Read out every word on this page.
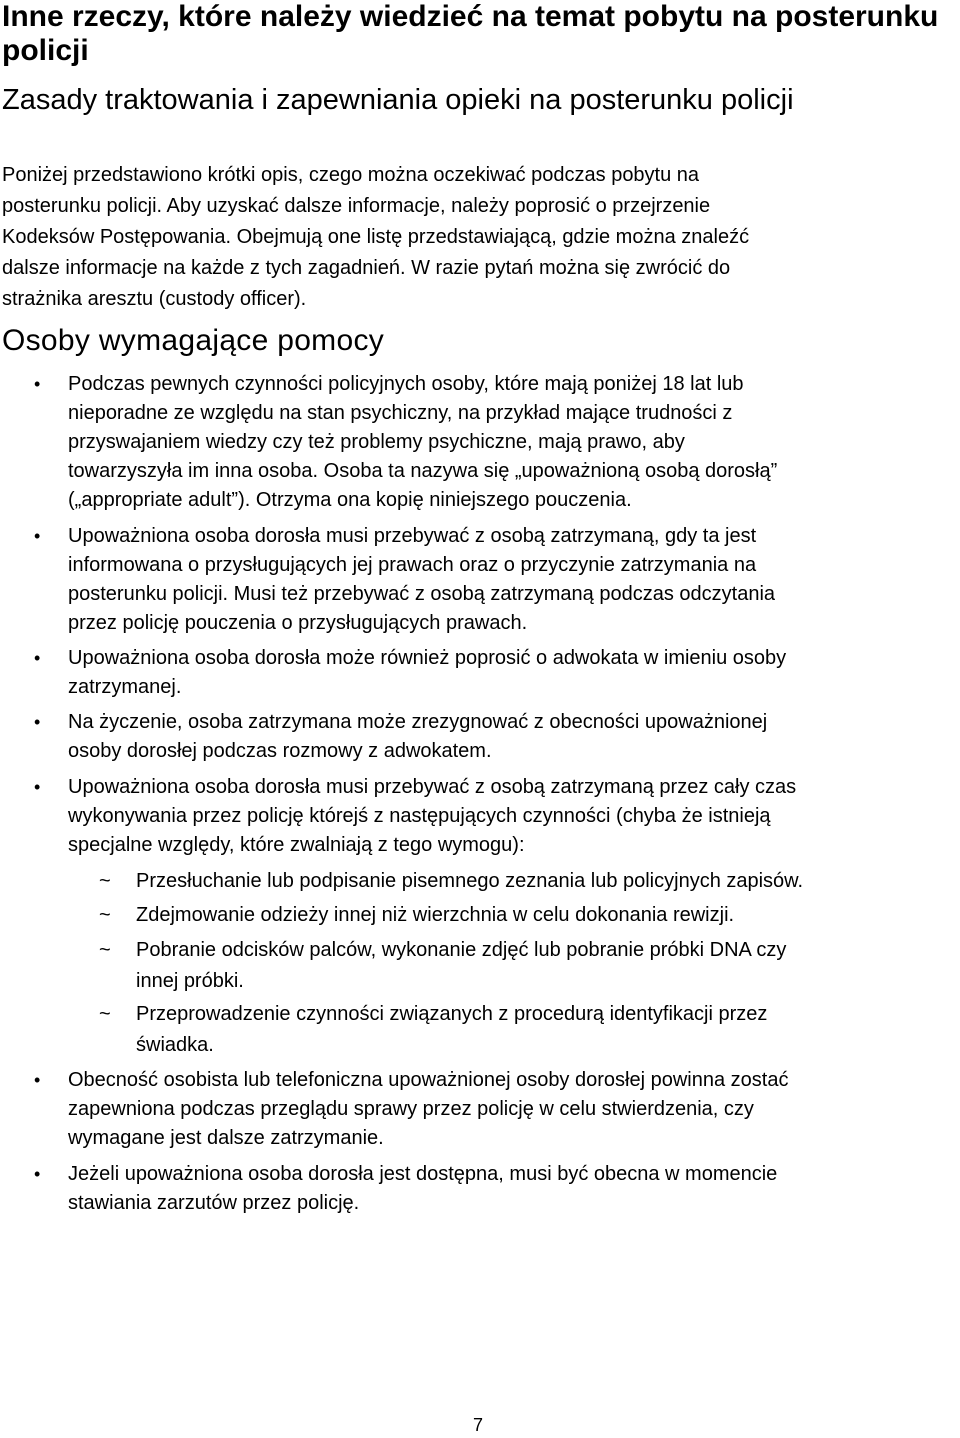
Inne rzeczy, które należy wiedzieć na temat pobytu na posterunku policji
Zasady traktowania i zapewniania opieki na posterunku policji

Poniżej przedstawiono krótki opis, czego można oczekiwać podczas pobytu na
posterunku policji. Aby uzyskać dalsze informacje, należy poprosić o przejrzenie
Kodeksów Postępowania. Obejmują one listę przedstawiającą, gdzie można znaleźć
dalsze informacje na każde z tych zagadnień. W razie pytań można się zwrócić do
strażnika aresztu (custody officer).

Osoby wymagające pomocy
• Podczas pewnych czynności policyjnych osoby, które mają poniżej 18 lat lub
nieporadne ze względu na stan psychiczny, na przykład mające trudności z
przyswajaniem wiedzy czy też problemy psychiczne, mają prawo, aby
towarzyszyła im inna osoba. Osoba ta nazywa się „upoważnioną osobą dorosłą”
(„appropriate adult”). Otrzyma ona kopię niniejszego pouczenia.

• Upoważniona osoba dorosła musi przebywać z osobą zatrzymaną, gdy ta jest
informowana o przysługujących jej prawach oraz o przyczynie zatrzymania na
posterunku policji. Musi też przebywać z osobą zatrzymaną podczas odczytania
przez policję pouczenia o przysługujących prawach.

• Upoważniona osoba dorosła może również poprosić o adwokata w imieniu osoby
zatrzymanej.

• Na życzenie, osoba zatrzymana może zrezygnować z obecności upoważnionej
osoby dorosłej podczas rozmowy z adwokatem.

• Upoważniona osoba dorosła musi przebywać z osobą zatrzymaną przez cały czas
wykonywania przez policję którejś z następujących czynności (chyba że istnieją
specjalne względy, które zwalniają z tego wymogu):

~ Przesłuchanie lub podpisanie pisemnego zeznania lub policyjnych zapisów.

~ Zdejmowanie odzieży innej niż wierzchnia w celu dokonania rewizji.

~ Pobranie odcisków palców, wykonanie zdjęć lub pobranie próbki DNA czy
innej próbki.

~ Przeprowadzenie czynności związanych z procedurą identyfikacji przez
świadka.

• Obecność osobista lub telefoniczna upoważnionej osoby dorosłej powinna zostać
zapewniona podczas przeglądu sprawy przez policję w celu stwierdzenia, czy
wymagane jest dalsze zatrzymanie.

• Jeżeli upoważniona osoba dorosła jest dostępna, musi być obecna w momencie
stawiania zarzutów przez policję.

7
